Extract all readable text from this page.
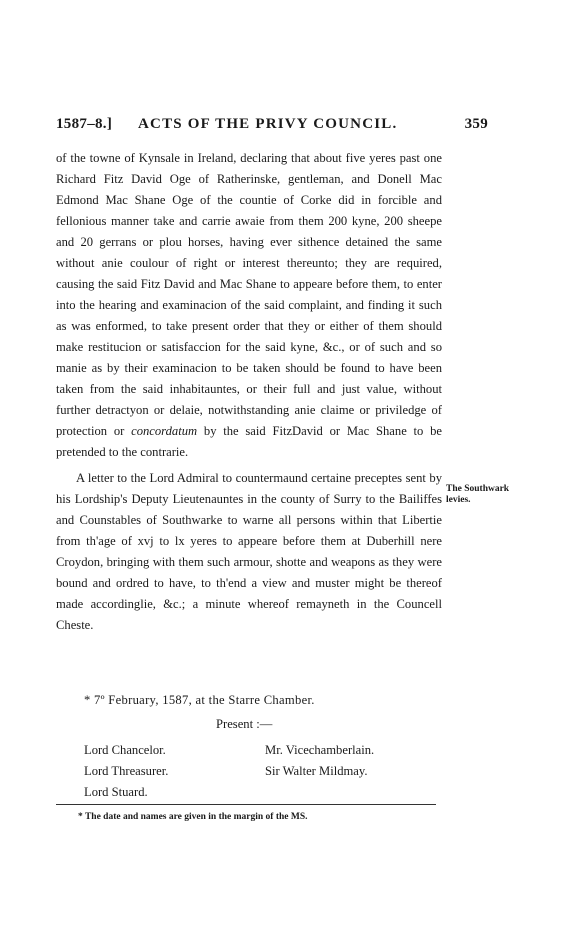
1587–8.] ACTS OF THE PRIVY COUNCIL.	359

of the towne of Kynsale in Ireland, declaring that about five yeres past one Richard Fitz David Oge of Ratherinske, gentleman, and Donell Mac Edmond Mac Shane Oge of the countie of Corke did in forcible and fellonious manner take and carrie awaie from them 200 kyne, 200 sheepe and 20 gerrans or plou horses, having ever sithence detained the same without anie coulour of right or interest thereunto; they are required, causing the said Fitz David and Mac Shane to appeare before them, to enter into the hearing and examinacion of the said complaint, and finding it such as was enformed, to take present order that they or either of them should make restitucion or satisfaccion for the said kyne, &c., or of such and so manie as by their examinacion to be taken should be found to have been taken from the said inhabitauntes, or their full and just value, without further detractyon or delaie, notwithstanding anie claime or priviledge of protection or concordatum by the said FitzDavid or Mac Shane to be pretended to the contrarie.

A letter to the Lord Admiral to countermaund certaine preceptes sent by his Lordship's Deputy Lieutenauntes in the county of Surry to the Bailiffes and Counstables of Southwarke to warne all persons within that Libertie from th'age of xvj to lx yeres to appeare before them at Duberhill nere Croydon, bringing with them such armour, shotte and weapons as they were bound and ordred to have, to th'end a view and muster might be thereof made accordinglie, &c.; a minute whereof remayneth in the Councell Cheste.

The Southwark levies.
* 7º February, 1587, at the Starre Chamber.
Present :—
Lord Chancelor.
Lord Threasurer.
Lord Stuard.
Mr. Vicechamberlain.
Sir Walter Mildmay.
* The date and names are given in the margin of the MS.
